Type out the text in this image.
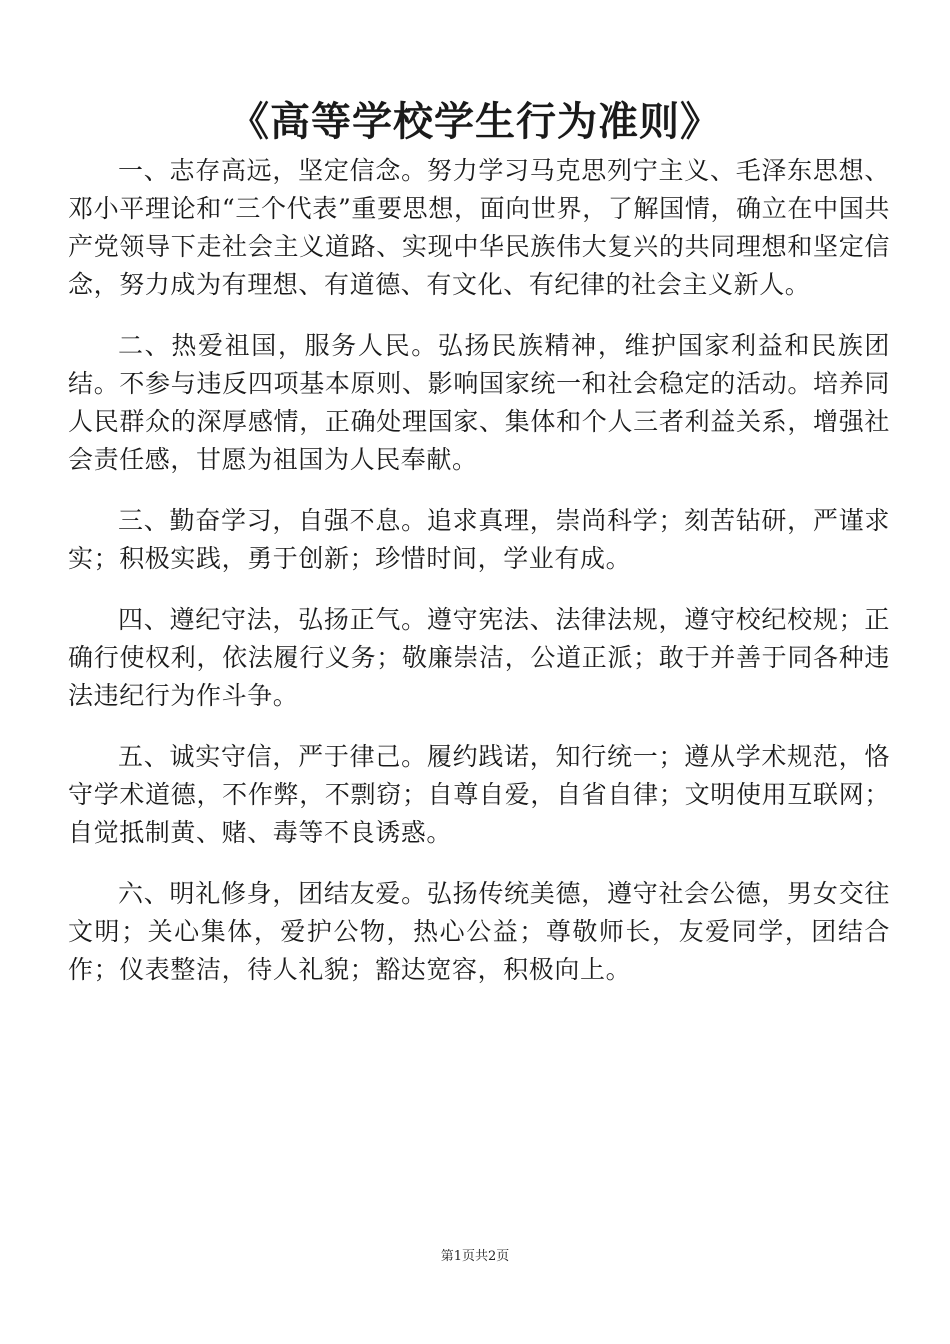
《高等学校学生行为准则》

一、志存高远，坚定信念。努力学习马克思列宁主义、毛泽东思想、邓小平理论和“三个代表”重要思想，面向世界，了解国情，确立在中国共产党领导下走社会主义道路、实现中华民族伟大复兴的共同理想和坚定信念，努力成为有理想、有道德、有文化、有纪律的社会主义新人。

二、热爱祖国，服务人民。弘扬民族精神，维护国家利益和民族团结。不参与违反四项基本原则、影响国家统一和社会稳定的活动。培养同人民群众的深厚感情，正确处理国家、集体和个人三者利益关系，增强社会责任感，甘愿为祖国为人民奉献。

三、勤奋学习，自强不息。追求真理，崇尚科学；刻苦钻研，严谨求实；积极实践，勇于创新；珍惜时间，学业有成。

四、遵纪守法，弘扬正气。遵守宪法、法律法规，遵守校纪校规；正确行使权利，依法履行义务；敬廉崇洁，公道正派；敢于并善于同各种违法违纪行为作斗争。

五、诚实守信，严于律己。履约践诺，知行统一；遵从学术规范，恪守学术道德，不作弊，不剽窃；自尊自爱，自省自律；文明使用互联网；自觉抵制黄、赌、毒等不良诱惑。

六、明礼修身，团结友爱。弘扬传统美德，遵守社会公德，男女交往文明；关心集体，爱护公物，热心公益；尊敬师长，友爱同学，团结合作；仪表整洁，待人礼貌；豁达宽容，积极向上。

第1页共2页
